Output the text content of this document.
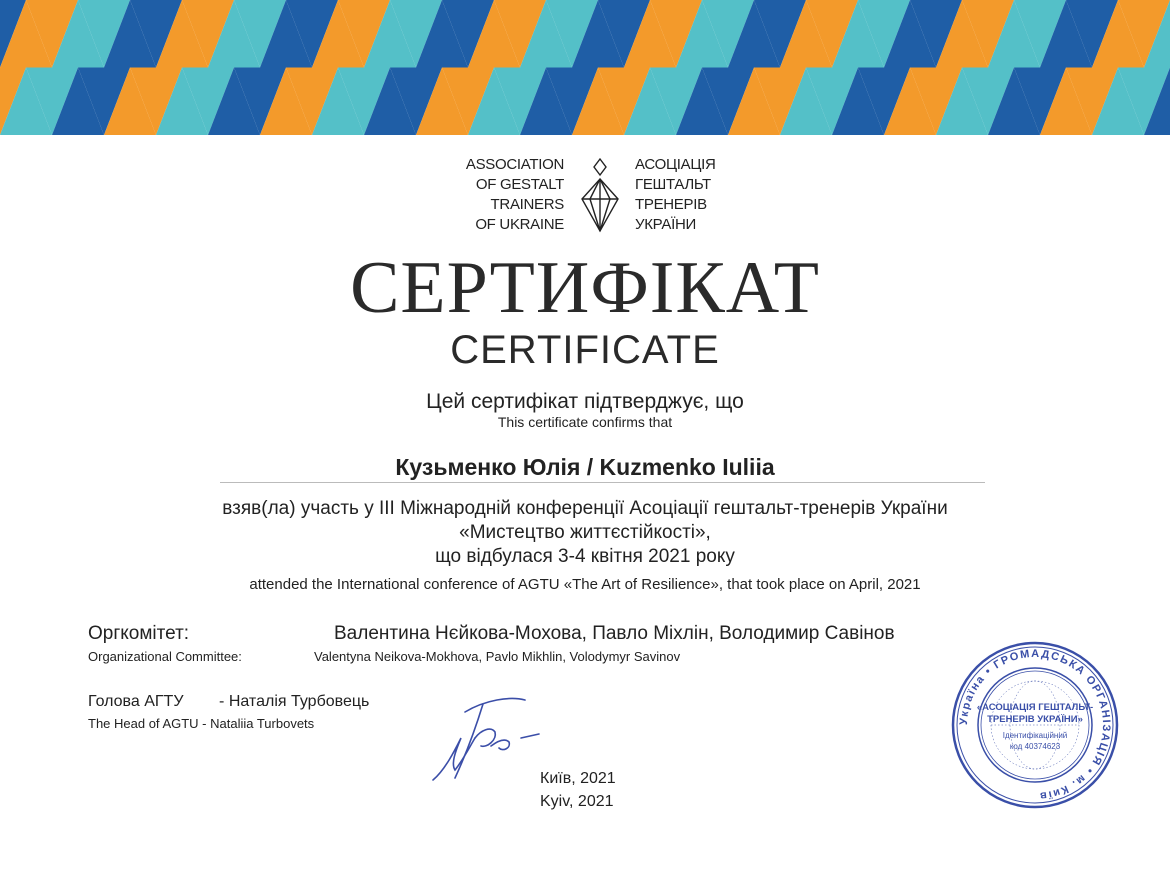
ASSOCIATION
OF GESTALT
TRAINERS
OF UKRAINE
АСОЦІАЦІЯ
ГЕШТАЛЬТ
ТРЕНЕРІВ
УКРАЇНИ
СЕРТИФІКАТ
CERTIFICATE
Цей сертифікат підтверджує, що
This certificate confirms that
Кузьменко Юлія / Kuzmenko Iuliia
взяв(ла) участь у III Міжнародній конференції Асоціації гештальт-тренерів України
«Мистецтво життєстійкості»,
що відбулася 3-4 квітня 2021 року
attended the International conference of AGTU «The Art of Resilience», that took place on April, 2021
Оргкомітет:	Валентина Нєйкова-Мохова, Павло Міхлін, Володимир Савінов
Organizational Committee:	Valentyna Neikova-Mokhova, Pavlo Mikhlin, Volodymyr Savinov
Голова АГТУ        - Наталія Турбовець
The Head of AGTU - Nataliia Turbovets
Київ, 2021
Kyiv, 2021
Україна • ГРОМАДСЬКА ОРГАНІЗАЦІЯ • м. Київ
«АСОЦІАЦІЯ ГЕШТАЛЬТ-
ТРЕНЕРІВ УКРАЇНИ»
Ідентифікаційний
код 40374623
